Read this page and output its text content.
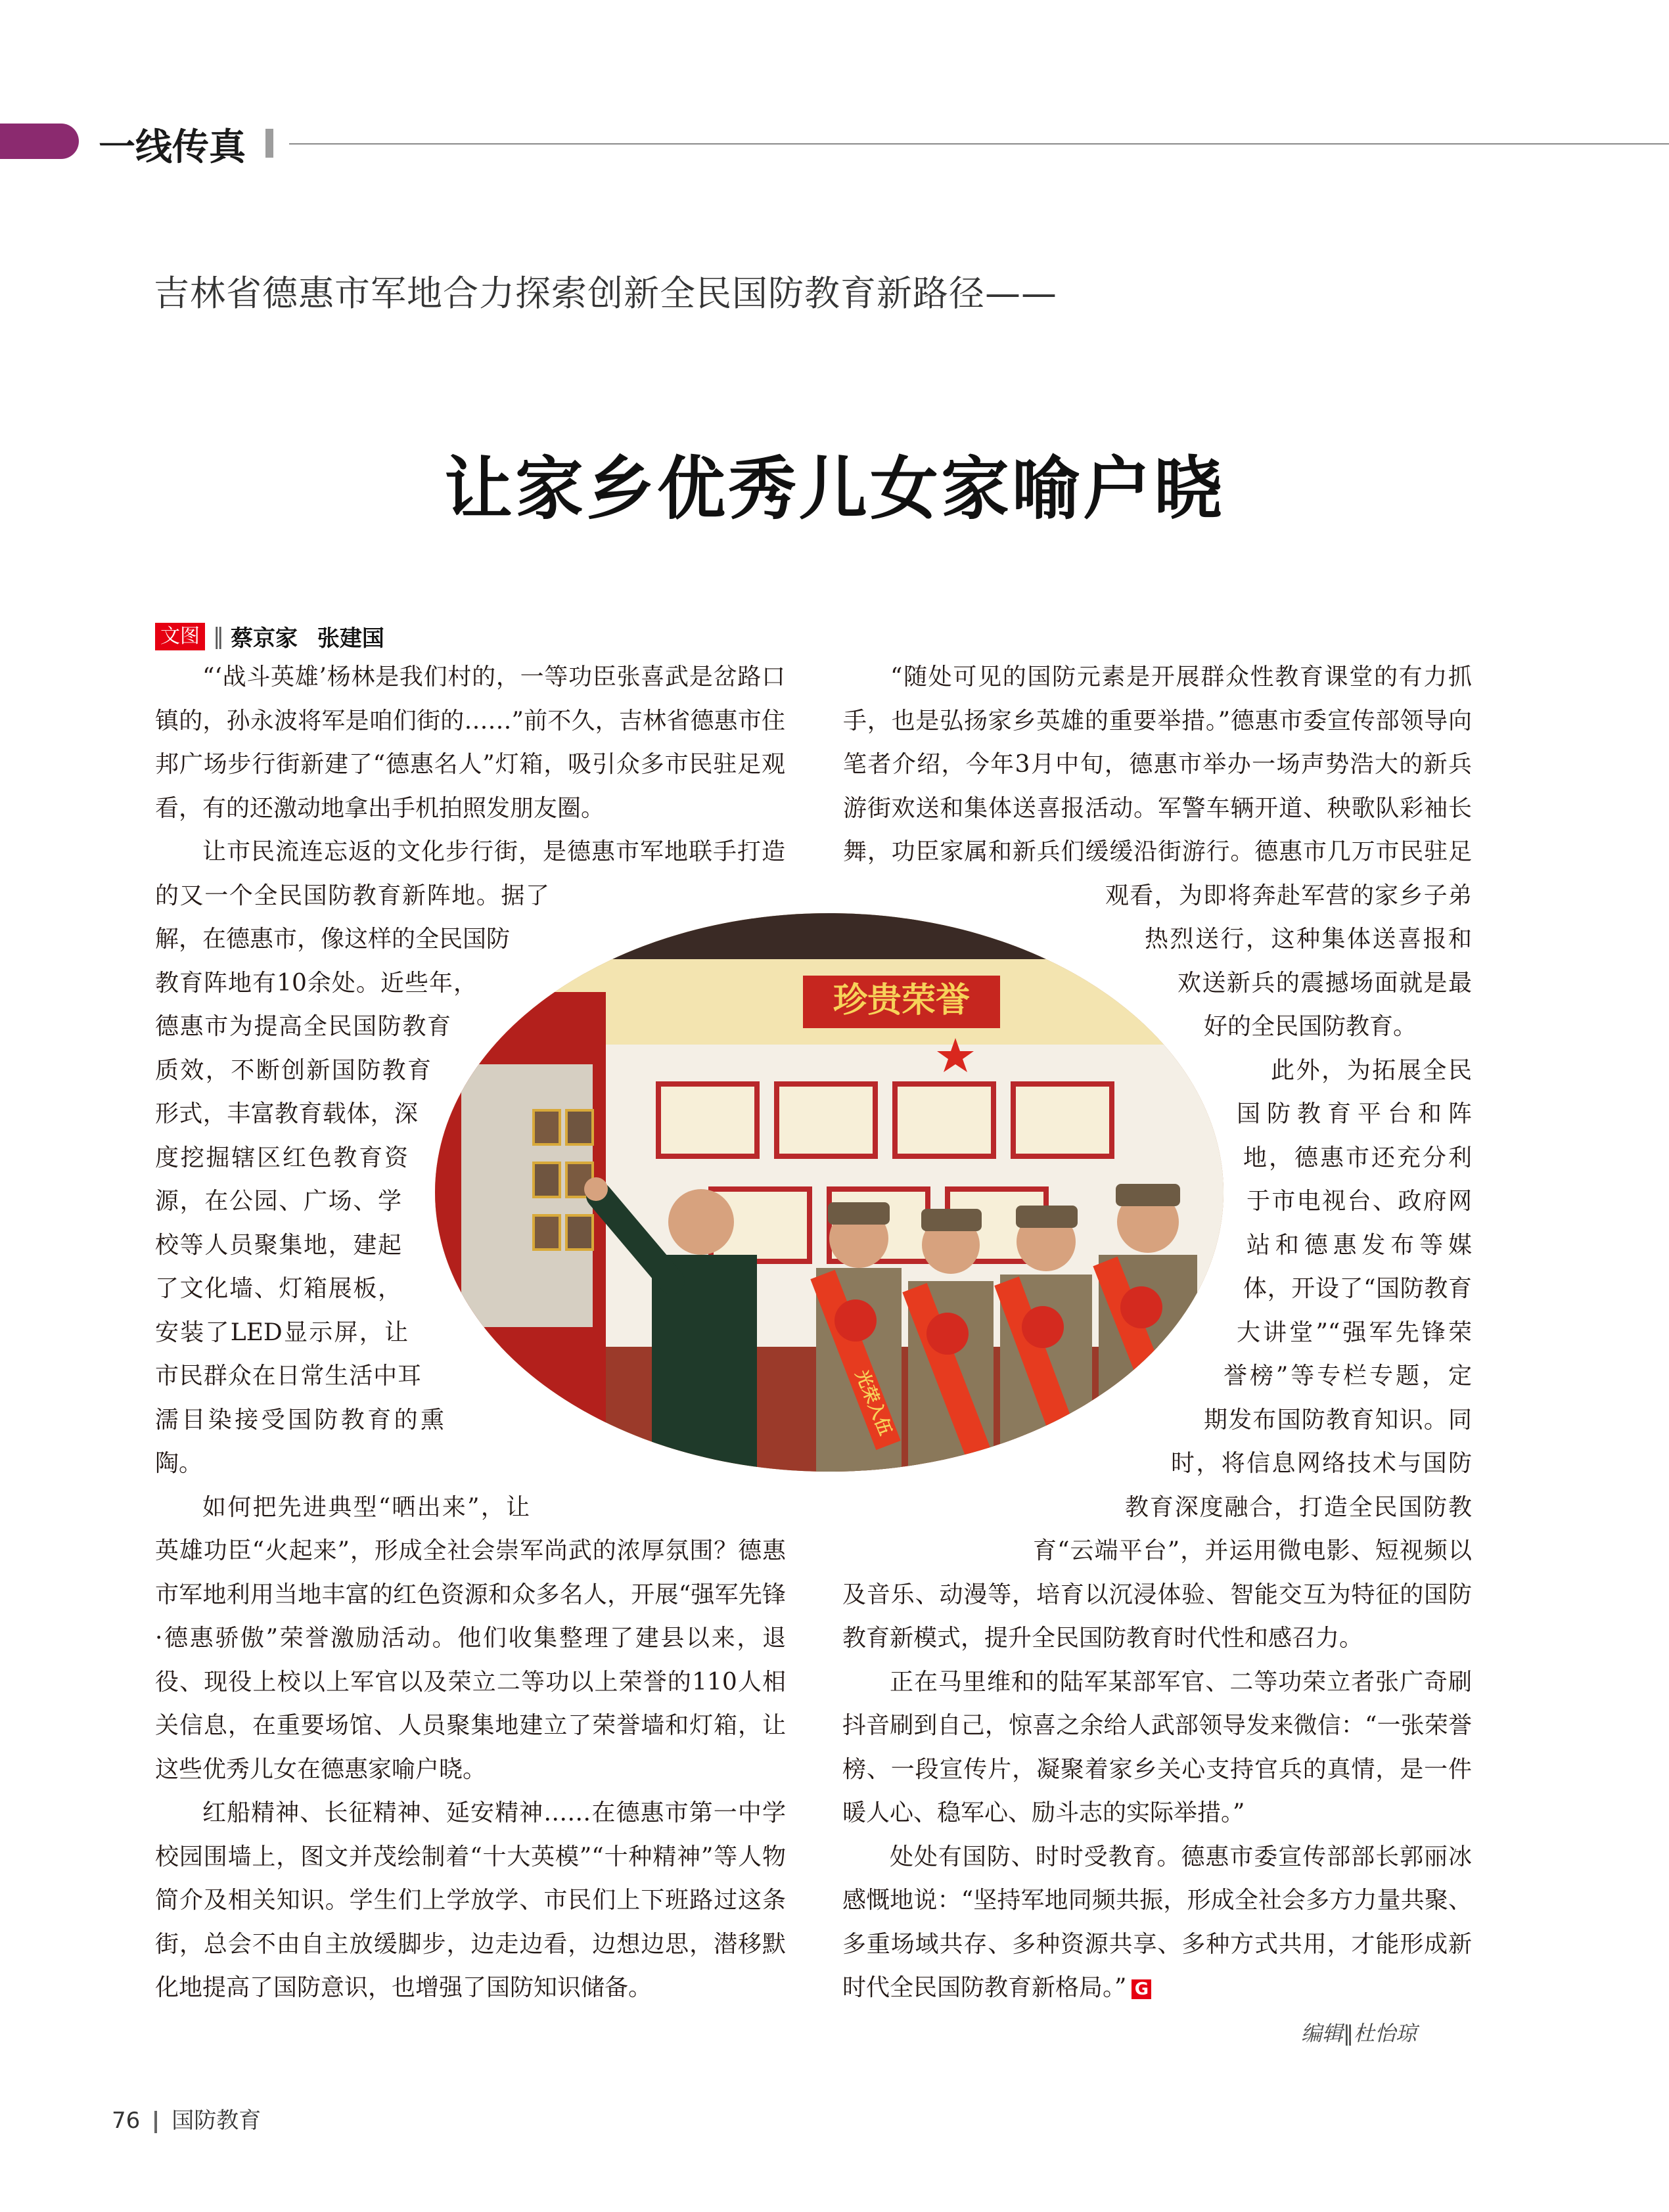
一线传真
吉林省德惠市军地合力探索创新全民国防教育新路径——
让家乡优秀儿女家喻户晓
文图 ‖ 蔡京家 张建国

“‘战斗英雄’杨林是我们村的，一等功臣张喜武是岔路口镇的，孙永波将军是咱们街的……”前不久，吉林省德惠市住邦广场步行街新建了“德惠名人”灯箱，吸引众多市民驻足观看，有的还激动地拿出手机拍照发朋友圈。

让市民流连忘返的文化步行街，是德惠市军地联手打造的又一个全民国防教育新阵地。据了解，在德惠市，像这样的全民国防教育阵地有10余处。近些年，德惠市为提高全民国防教育质效，不断创新国防教育形式，丰富教育载体，深度挖掘辖区红色教育资源，在公园、广场、学校等人员聚集地，建起了文化墙、灯箱展板，安装了LED显示屏，让市民群众在日常生活中耳濡目染接受国防教育的熏陶。

如何把先进典型“晒出来”，让英雄功臣“火起来”，形成全社会崇军尚武的浓厚氛围？德惠市军地利用当地丰富的红色资源和众多名人，开展“强军先锋·德惠骄傲”荣誉激励活动。他们收集整理了建县以来，退役、现役上校以上军官以及荣立二等功以上荣誉的110人相关信息，在重要场馆、人员聚集地建立了荣誉墙和灯箱，让这些优秀儿女在德惠家喻户晓。

红船精神、长征精神、延安精神……在德惠市第一中学校园围墙上，图文并茂绘制着“十大英模”“十种精神”等人物简介及相关知识。学生们上学放学、市民们上下班路过这条街，总会不由自主放缓脚步，边走边看，边想边思，潜移默化地提高了国防意识，也增强了国防知识储备。

“随处可见的国防元素是开展群众性教育课堂的有力抓手，也是弘扬家乡英雄的重要举措。”德惠市委宣传部领导向笔者介绍，今年3月中旬，德惠市举办一场声势浩大的新兵游街欢送和集体送喜报活动。军警车辆开道、秧歌队彩袖长舞，功臣家属和新兵们缓缓沿街游行。德惠市几万市民驻足观看，为即将奔赴军营的家乡子弟热烈送行，这种集体送喜报和欢送新兵的震撼场面就是最好的全民国防教育。

此外，为拓展全民国防教育平台和阵地，德惠市还充分利于市电视台、政府网站和德惠发布等媒体，开设了“国防教育大讲堂”“强军先锋荣誉榜”等专栏专题，定期发布国防教育知识。同时，将信息网络技术与国防教育深度融合，打造全民国防教育“云端平台”，并运用微电影、短视频以及音乐、动漫等，培育以沉浸体验、智能交互为特征的国防教育新模式，提升全民国防教育时代性和感召力。

正在马里维和的陆军某部军官、二等功荣立者张广奇刷抖音刷到自己，惊喜之余给人武部领导发来微信：“一张荣誉榜、一段宣传片，凝聚着家乡关心支持官兵的真情，是一件暖人心、稳军心、励斗志的实际举措。”

处处有国防、时时受教育。德惠市委宣传部部长郭丽冰感慨地说：“坚持军地同频共振，形成全社会多方力量共聚、多重场域共存、多种资源共享、多种方式共用，才能形成新时代全民国防教育新格局。” G

珍贵荣誉
光荣入伍
编辑‖杜怡琼
76 国防教育
